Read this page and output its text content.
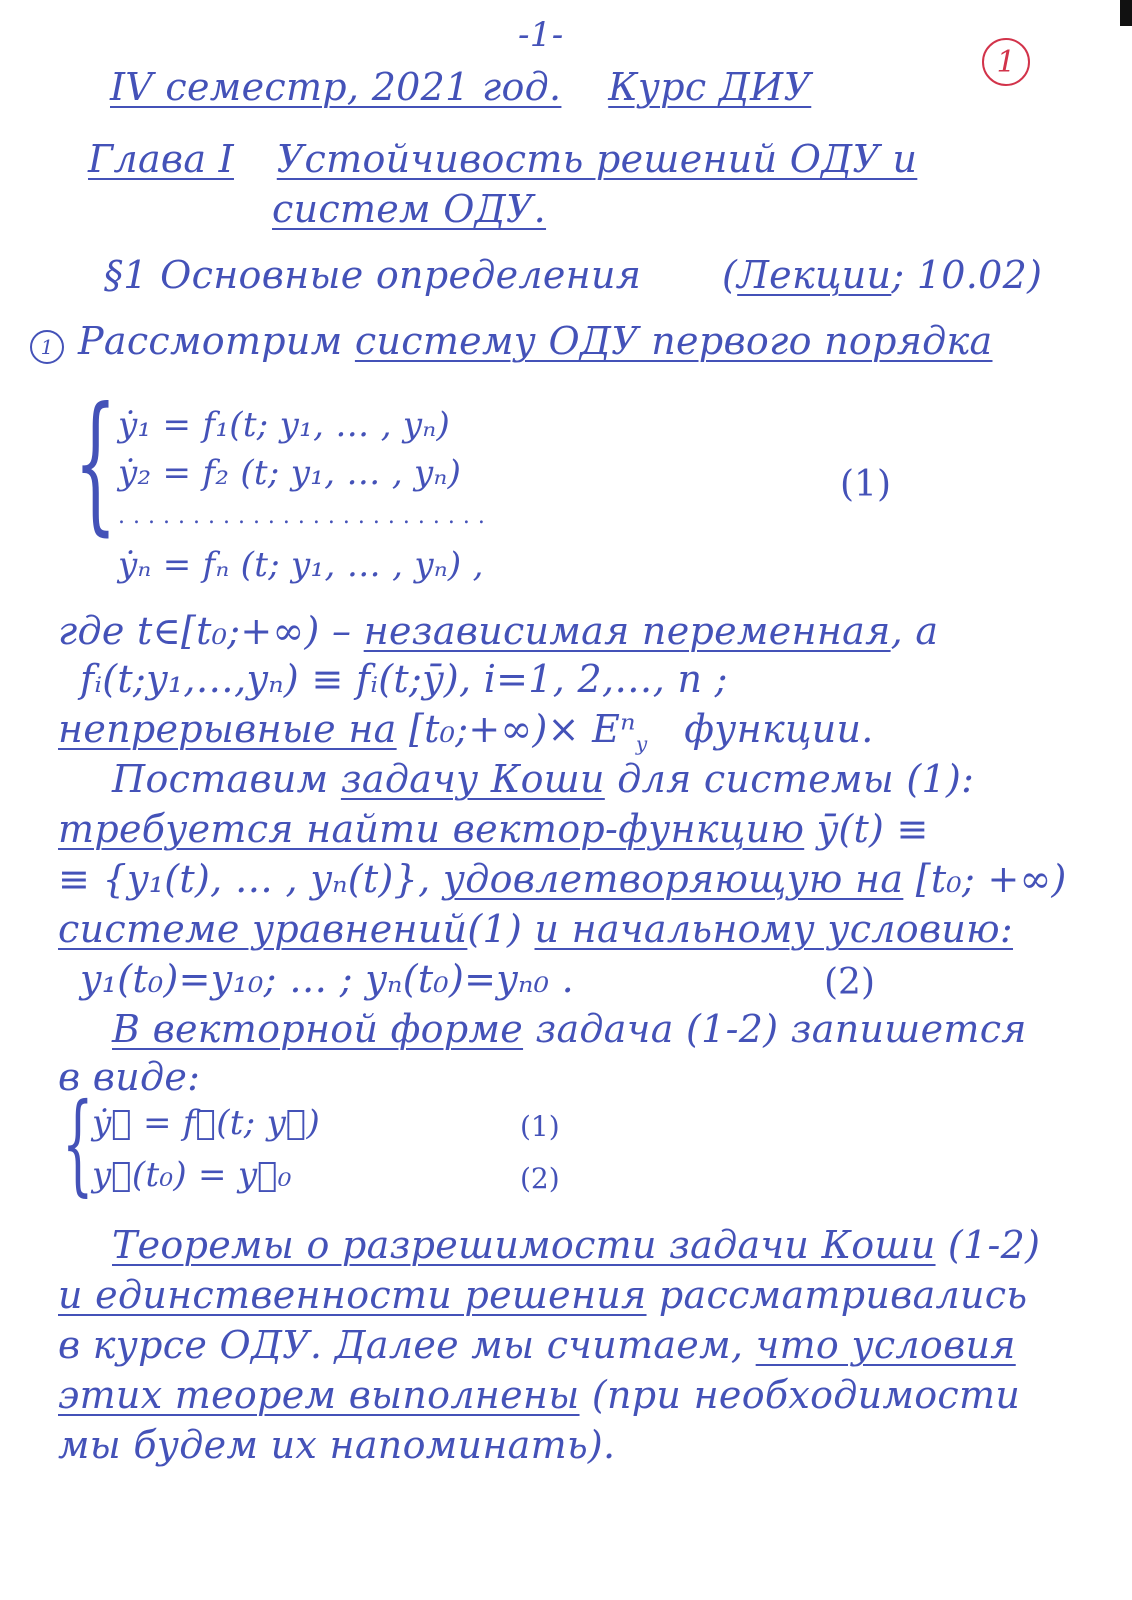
-1-
1
IV семестр, 2021 год. Курс ДИУ
Глава I Устойчивость решений ОДУ и
систем ОДУ.
§1 Основные определения (Лекции; 10.02)
1 Рассмотрим систему ОДУ первого порядка
{ ẏ₁ = f₁(t; y₁, … , yₙ)
ẏ₂ = f₂ (t; y₁, … , yₙ)
.........................
ẏₙ = fₙ (t; y₁, … , yₙ) ,
(1)
где t∈[t₀;+∞) – независимая переменная, а
fᵢ(t;y₁,…,yₙ) ≡ fᵢ(t;ȳ), i=1, 2,…, n ;
непрерывные на [t₀;+∞)× Eⁿ$_y$ функции.
Поставим задачу Коши для системы (1):
требуется найти вектор-функцию ȳ(t) ≡
≡ {y₁(t), … , yₙ(t)}, удовлетворяющую на [t₀; +∞)
системе уравнений(1) и начальному условию:
y₁(t₀)=y₁₀; … ; yₙ(t₀)=yₙ₀ .	(2)
В векторной форме задача (1-2) запишется
в виде:
{
ẏ⃗ = f⃗(t; y⃗)	(1)
y⃗(t₀) = y⃗₀	(2)
Теоремы о разрешимости задачи Коши (1-2)
и единственности решения рассматривались
в курсе ОДУ. Далее мы считаем, что условия
этих теорем выполнены (при необходимости
мы будем их напоминать).
